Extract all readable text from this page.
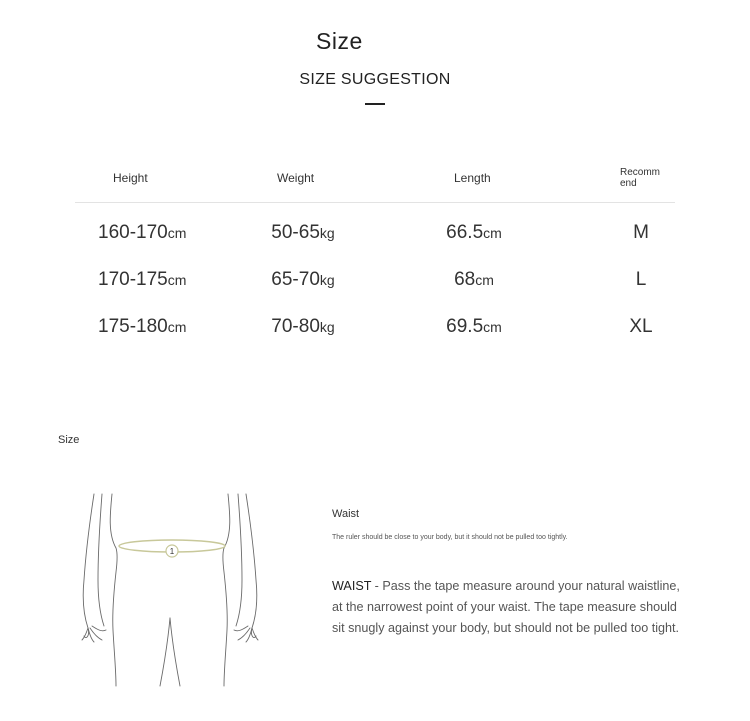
Size
SIZE SUGGESTION
Height	Weight	Length	Recommend
160-170cm	50-65kg	66.5cm	M
170-175cm	65-70kg	68cm	L
175-180cm	70-80kg	69.5cm	XL
Size
1
Waist
The ruler should be close to your body, but it should not be pulled too tightly.
WAIST - Pass the tape measure around your natural waistline, at the narrowest point of your waist. The tape measure should sit snugly against your body, but should not be pulled too tight.
